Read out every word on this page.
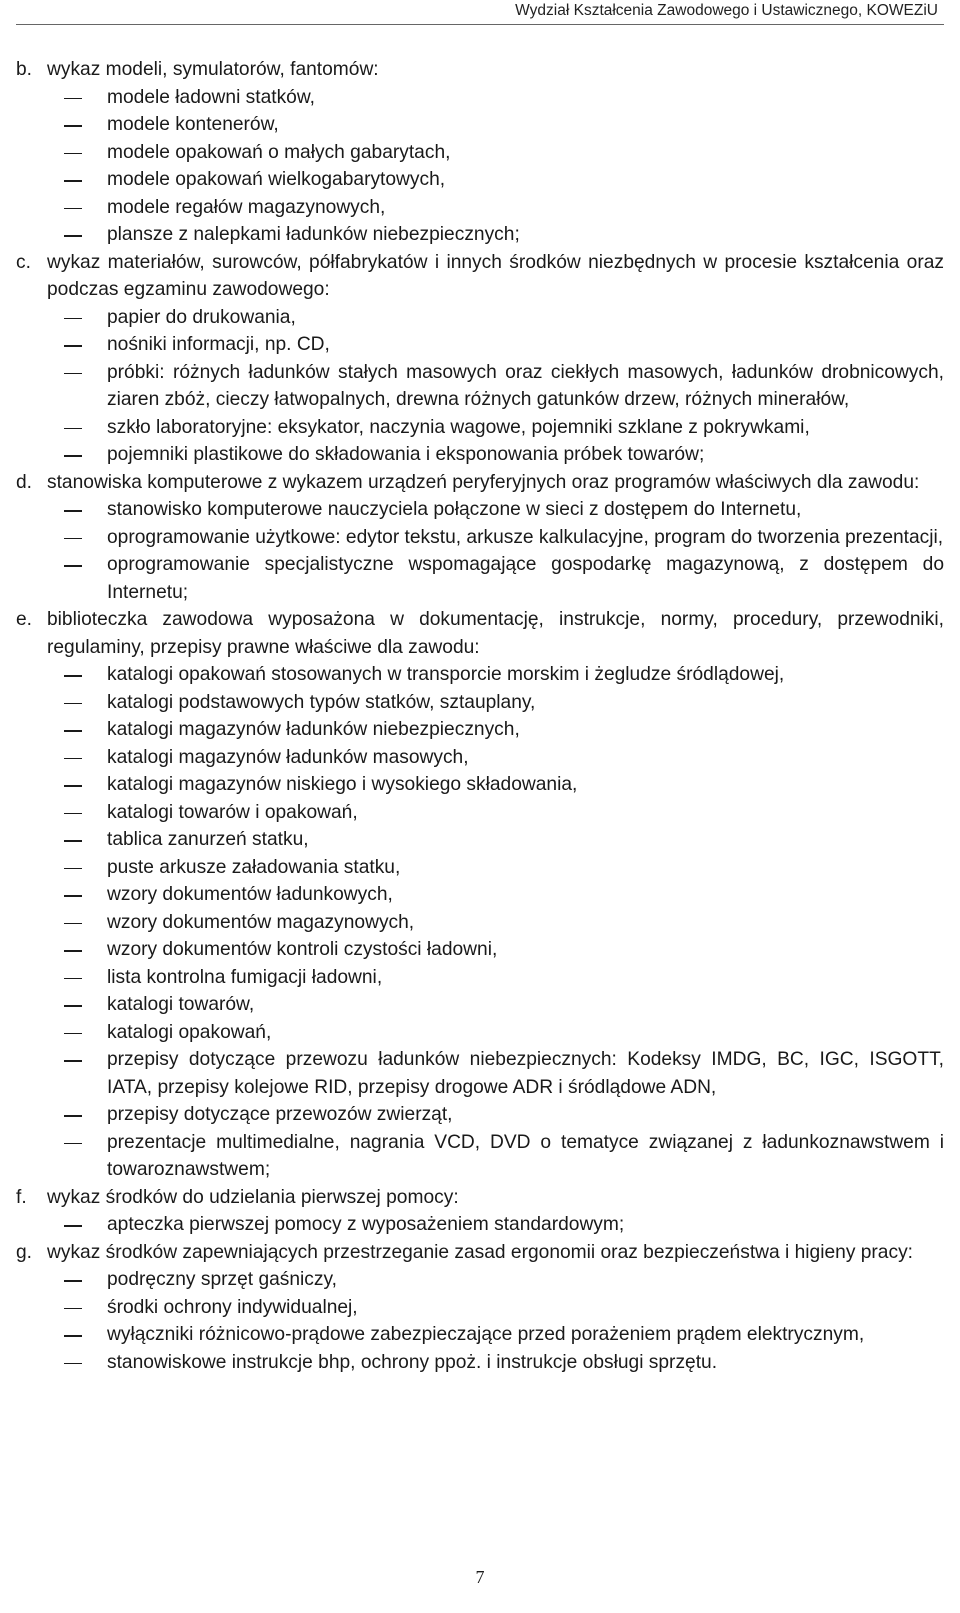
Wydział Kształcenia Zawodowego i Ustawicznego, KOWEZiU
b. wykaz modeli, symulatorów, fantomów:
modele ładowni statków,
modele kontenerów,
modele opakowań o małych gabarytach,
modele opakowań wielkogabarytowych,
modele regałów magazynowych,
plansze z nalepkami ładunków niebezpiecznych;
c. wykaz materiałów, surowców, półfabrykatów i innych środków niezbędnych w procesie kształcenia oraz podczas egzaminu zawodowego:
papier do drukowania,
nośniki informacji, np. CD,
próbki: różnych ładunków stałych masowych oraz ciekłych masowych, ładunków drobnicowych, ziaren zbóż, cieczy łatwopalnych, drewna różnych gatunków drzew, różnych minerałów,
szkło laboratoryjne: eksykator, naczynia wagowe, pojemniki szklane z pokrywkami,
pojemniki plastikowe do składowania i eksponowania próbek towarów;
d. stanowiska komputerowe z wykazem urządzeń peryferyjnych oraz programów właściwych dla zawodu:
stanowisko komputerowe nauczyciela połączone w sieci z dostępem do Internetu,
oprogramowanie użytkowe: edytor tekstu, arkusze kalkulacyjne, program do tworzenia prezentacji,
oprogramowanie specjalistyczne wspomagające gospodarkę magazynową, z dostępem do Internetu;
e. biblioteczka zawodowa wyposażona w dokumentację, instrukcje, normy, procedury, przewodniki, regulaminy, przepisy prawne właściwe dla zawodu:
katalogi opakowań stosowanych w transporcie morskim i żegludze śródlądowej,
katalogi podstawowych typów statków, sztauplany,
katalogi magazynów ładunków niebezpiecznych,
katalogi magazynów ładunków masowych,
katalogi magazynów niskiego i wysokiego składowania,
katalogi towarów i opakowań,
tablica zanurzeń statku,
puste arkusze załadowania statku,
wzory dokumentów ładunkowych,
wzory dokumentów magazynowych,
wzory dokumentów kontroli czystości ładowni,
lista kontrolna fumigacji ładowni,
katalogi towarów,
katalogi opakowań,
przepisy dotyczące przewozu ładunków niebezpiecznych: Kodeksy IMDG, BC, IGC, ISGOTT, IATA, przepisy kolejowe RID, przepisy drogowe ADR i śródlądowe ADN,
przepisy dotyczące przewozów zwierząt,
prezentacje multimedialne, nagrania VCD, DVD o tematyce związanej z ładunkoznawstwem i towaroznawstwem;
f.	wykaz środków do udzielania pierwszej pomocy:
apteczka pierwszej pomocy z wyposażeniem standardowym;
g. wykaz środków zapewniających przestrzeganie zasad ergonomii oraz bezpieczeństwa i higieny pracy:
podręczny sprzęt gaśniczy,
środki ochrony indywidualnej,
wyłączniki różnicowo-prądowe zabezpieczające przed porażeniem prądem elektrycznym,
stanowiskowe instrukcje bhp, ochrony ppoż. i instrukcje obsługi sprzętu.
7
